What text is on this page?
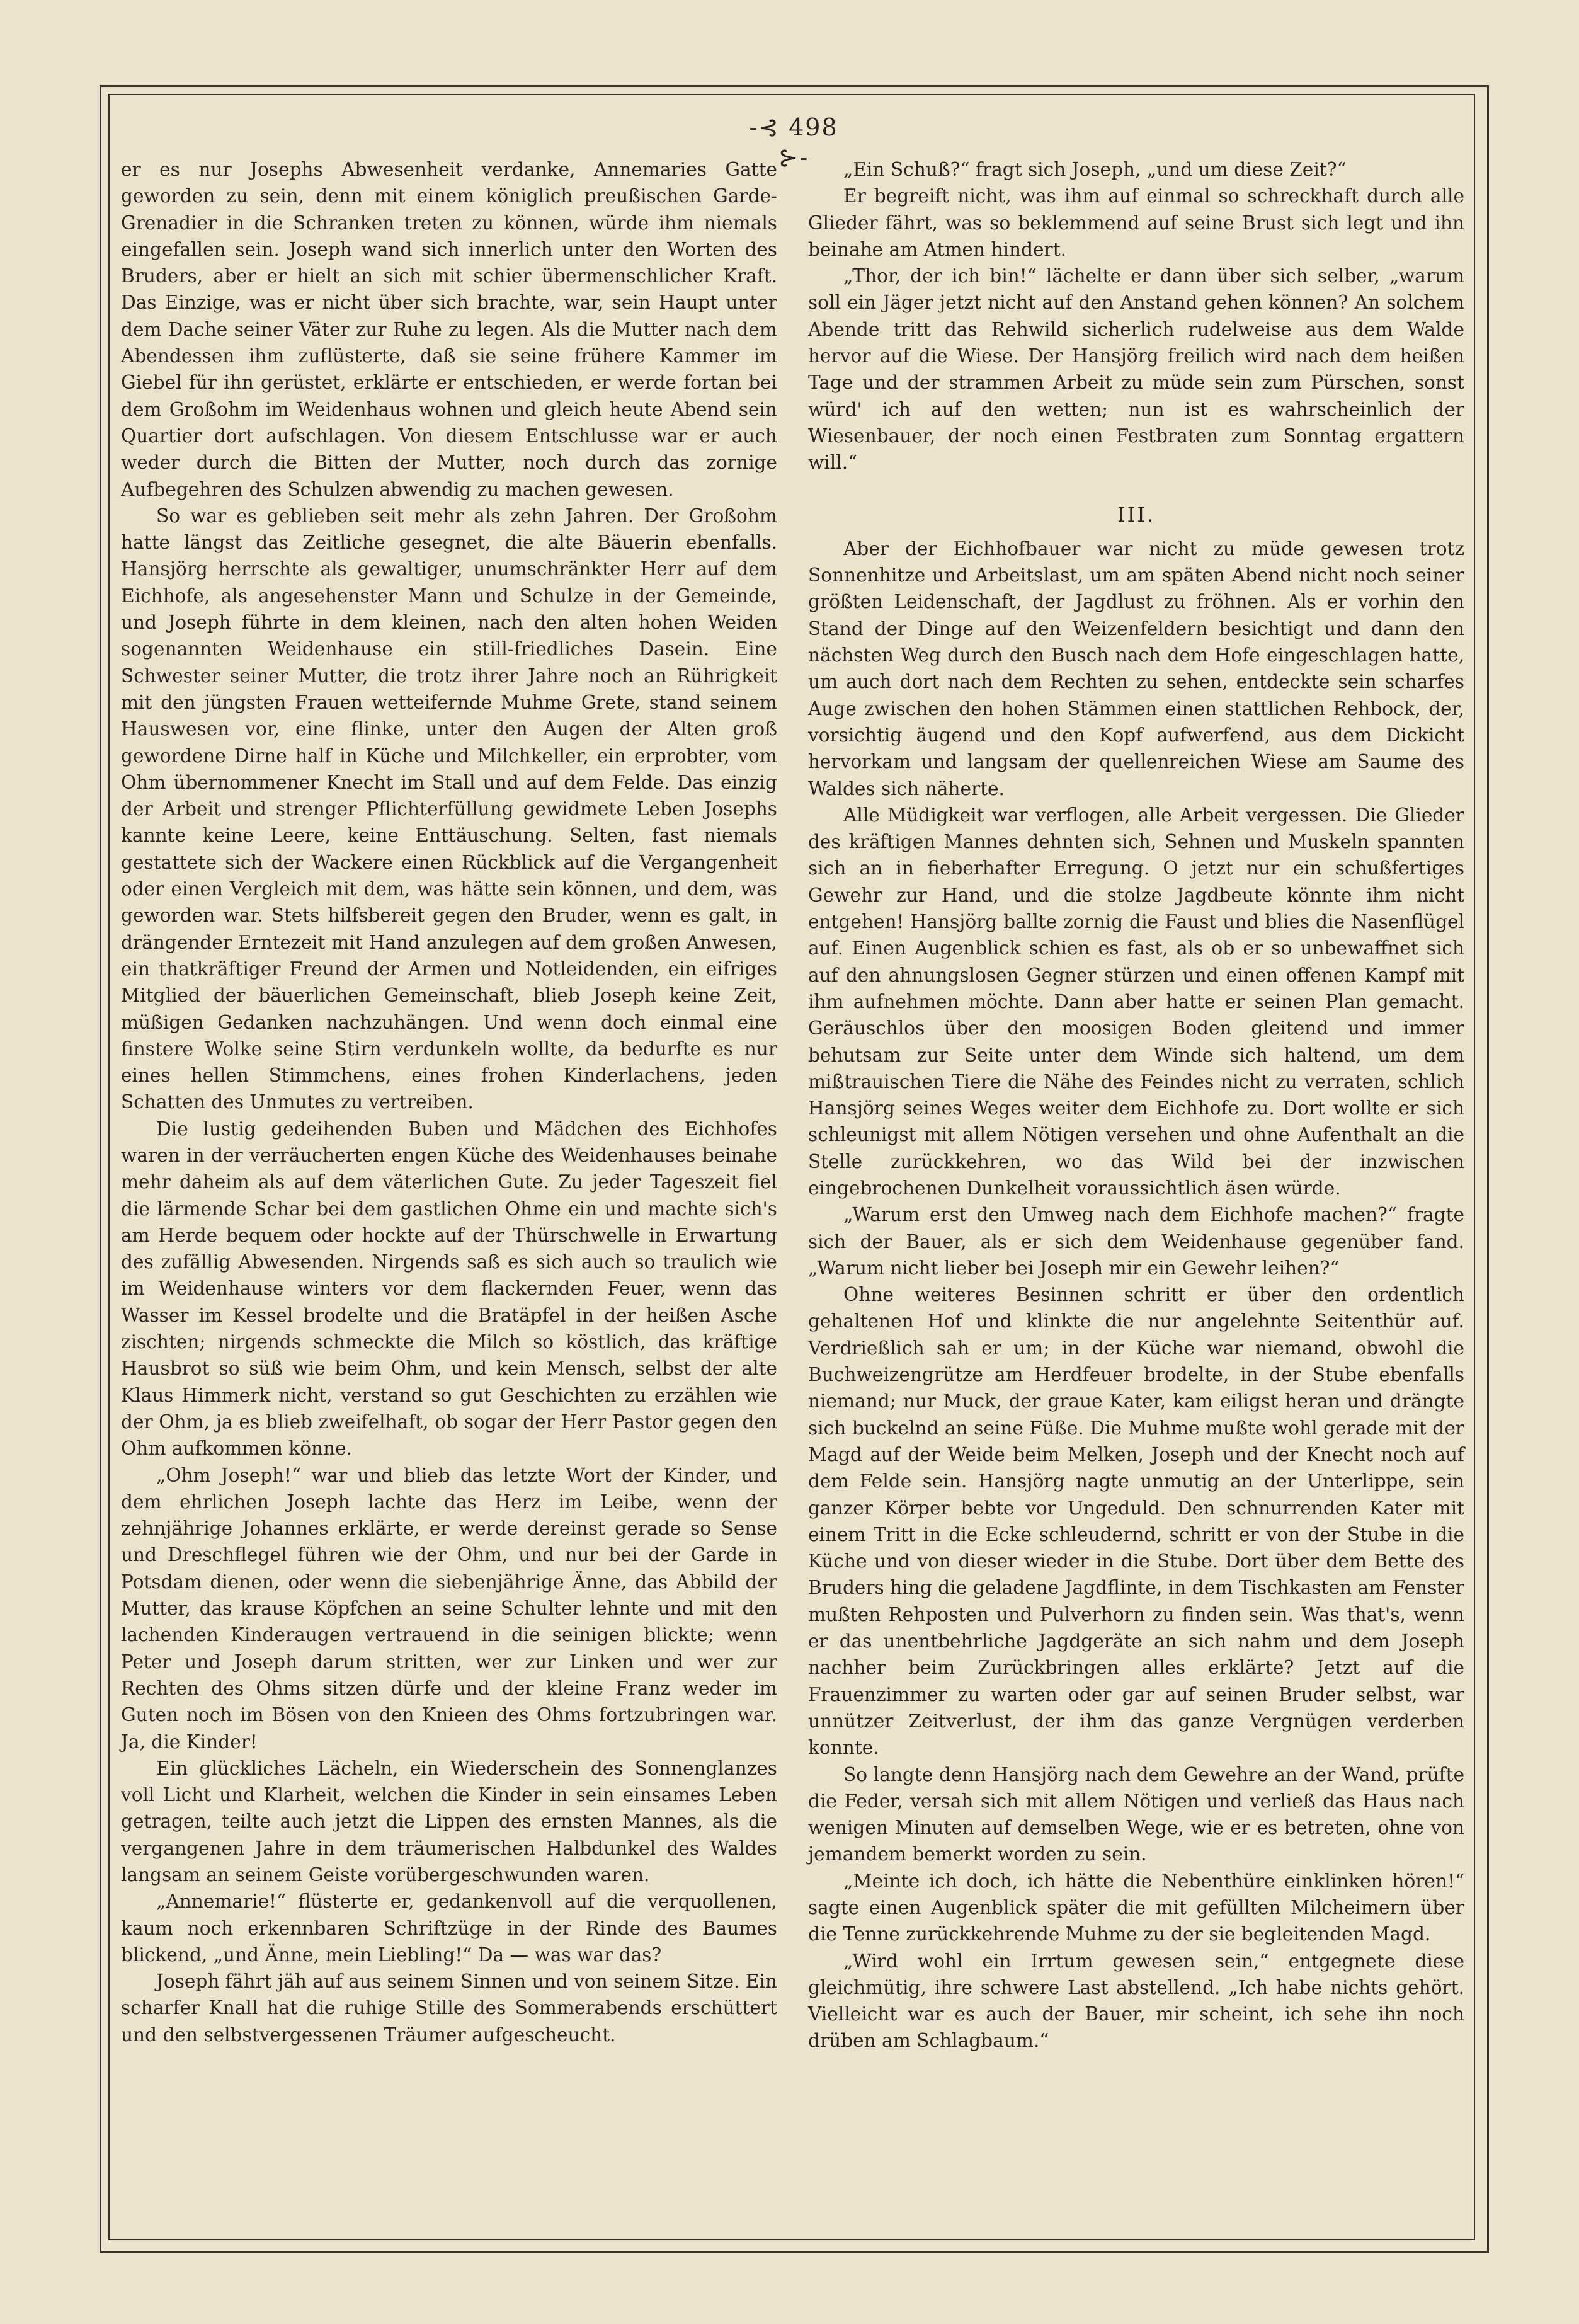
-⊰ 498 ⊱-

er es nur Josephs Abwesenheit verdanke, Annemaries Gatte geworden zu sein, denn mit einem königlich preußischen Garde-Grenadier in die Schranken treten zu können, würde ihm niemals eingefallen sein. Joseph wand sich innerlich unter den Worten des Bruders, aber er hielt an sich mit schier übermenschlicher Kraft. Das Einzige, was er nicht über sich brachte, war, sein Haupt unter dem Dache seiner Väter zur Ruhe zu legen. Als die Mutter nach dem Abendessen ihm zuflüsterte, daß sie seine frühere Kammer im Giebel für ihn gerüstet, erklärte er entschieden, er werde fortan bei dem Großohm im Weidenhaus wohnen und gleich heute Abend sein Quartier dort aufschlagen. Von diesem Entschlusse war er auch weder durch die Bitten der Mutter, noch durch das zornige Aufbegehren des Schulzen abwendig zu machen gewesen.

So war es geblieben seit mehr als zehn Jahren. Der Großohm hatte längst das Zeitliche gesegnet, die alte Bäuerin ebenfalls. Hansjörg herrschte als gewaltiger, unumschränkter Herr auf dem Eichhofe, als angesehenster Mann und Schulze in der Gemeinde, und Joseph führte in dem kleinen, nach den alten hohen Weiden sogenannten Weidenhause ein still-friedliches Dasein. Eine Schwester seiner Mutter, die trotz ihrer Jahre noch an Rührigkeit mit den jüngsten Frauen wetteifernde Muhme Grete, stand seinem Hauswesen vor, eine flinke, unter den Augen der Alten groß gewordene Dirne half in Küche und Milchkeller, ein erprobter, vom Ohm übernommener Knecht im Stall und auf dem Felde. Das einzig der Arbeit und strenger Pflichterfüllung gewidmete Leben Josephs kannte keine Leere, keine Enttäuschung. Selten, fast niemals gestattete sich der Wackere einen Rückblick auf die Vergangenheit oder einen Vergleich mit dem, was hätte sein können, und dem, was geworden war. Stets hilfsbereit gegen den Bruder, wenn es galt, in drängender Erntezeit mit Hand anzulegen auf dem großen Anwesen, ein thatkräftiger Freund der Armen und Notleidenden, ein eifriges Mitglied der bäuerlichen Gemeinschaft, blieb Joseph keine Zeit, müßigen Gedanken nachzuhängen. Und wenn doch einmal eine finstere Wolke seine Stirn verdunkeln wollte, da bedurfte es nur eines hellen Stimmchens, eines frohen Kinderlachens, jeden Schatten des Unmutes zu vertreiben.

Die lustig gedeihenden Buben und Mädchen des Eichhofes waren in der verräucherten engen Küche des Weidenhauses beinahe mehr daheim als auf dem väterlichen Gute. Zu jeder Tageszeit fiel die lärmende Schar bei dem gastlichen Ohme ein und machte sich's am Herde bequem oder hockte auf der Thürschwelle in Erwartung des zufällig Abwesenden. Nirgends saß es sich auch so traulich wie im Weidenhause winters vor dem flackernden Feuer, wenn das Wasser im Kessel brodelte und die Bratäpfel in der heißen Asche zischten; nirgends schmeckte die Milch so köstlich, das kräftige Hausbrot so süß wie beim Ohm, und kein Mensch, selbst der alte Klaus Himmerk nicht, verstand so gut Geschichten zu erzählen wie der Ohm, ja es blieb zweifelhaft, ob sogar der Herr Pastor gegen den Ohm aufkommen könne.

„Ohm Joseph!“ war und blieb das letzte Wort der Kinder, und dem ehrlichen Joseph lachte das Herz im Leibe, wenn der zehnjährige Johannes erklärte, er werde dereinst gerade so Sense und Dreschflegel führen wie der Ohm, und nur bei der Garde in Potsdam dienen, oder wenn die siebenjährige Änne, das Abbild der Mutter, das krause Köpfchen an seine Schulter lehnte und mit den lachenden Kinderaugen vertrauend in die seinigen blickte; wenn Peter und Joseph darum stritten, wer zur Linken und wer zur Rechten des Ohms sitzen dürfe und der kleine Franz weder im Guten noch im Bösen von den Knieen des Ohms fortzubringen war. Ja, die Kinder!

Ein glückliches Lächeln, ein Wiederschein des Sonnenglanzes voll Licht und Klarheit, welchen die Kinder in sein einsames Leben getragen, teilte auch jetzt die Lippen des ernsten Mannes, als die vergangenen Jahre in dem träumerischen Halbdunkel des Waldes langsam an seinem Geiste vorübergeschwunden waren.

„Annemarie!“ flüsterte er, gedankenvoll auf die verquollenen, kaum noch erkennbaren Schriftzüge in der Rinde des Baumes blickend, „und Änne, mein Liebling!“ Da — was war das?

Joseph fährt jäh auf aus seinem Sinnen und von seinem Sitze. Ein scharfer Knall hat die ruhige Stille des Sommerabends erschüttert und den selbstvergessenen Träumer aufgescheucht.

„Ein Schuß?“ fragt sich Joseph, „und um diese Zeit?“

Er begreift nicht, was ihm auf einmal so schreckhaft durch alle Glieder fährt, was so beklemmend auf seine Brust sich legt und ihn beinahe am Atmen hindert.

„Thor, der ich bin!“ lächelte er dann über sich selber, „warum soll ein Jäger jetzt nicht auf den Anstand gehen können? An solchem Abende tritt das Rehwild sicherlich rudelweise aus dem Walde hervor auf die Wiese. Der Hansjörg freilich wird nach dem heißen Tage und der strammen Arbeit zu müde sein zum Pürschen, sonst würd' ich auf den wetten; nun ist es wahrscheinlich der Wiesenbauer, der noch einen Festbraten zum Sonntag ergattern will.“

III.

Aber der Eichhofbauer war nicht zu müde gewesen trotz Sonnenhitze und Arbeitslast, um am späten Abend nicht noch seiner größten Leidenschaft, der Jagdlust zu fröhnen. Als er vorhin den Stand der Dinge auf den Weizenfeldern besichtigt und dann den nächsten Weg durch den Busch nach dem Hofe eingeschlagen hatte, um auch dort nach dem Rechten zu sehen, entdeckte sein scharfes Auge zwischen den hohen Stämmen einen stattlichen Rehbock, der, vorsichtig äugend und den Kopf aufwerfend, aus dem Dickicht hervorkam und langsam der quellenreichen Wiese am Saume des Waldes sich näherte.

Alle Müdigkeit war verflogen, alle Arbeit vergessen. Die Glieder des kräftigen Mannes dehnten sich, Sehnen und Muskeln spannten sich an in fieberhafter Erregung. O jetzt nur ein schußfertiges Gewehr zur Hand, und die stolze Jagdbeute könnte ihm nicht entgehen! Hansjörg ballte zornig die Faust und blies die Nasenflügel auf. Einen Augenblick schien es fast, als ob er so unbewaffnet sich auf den ahnungslosen Gegner stürzen und einen offenen Kampf mit ihm aufnehmen möchte. Dann aber hatte er seinen Plan gemacht. Geräuschlos über den moosigen Boden gleitend und immer behutsam zur Seite unter dem Winde sich haltend, um dem mißtrauischen Tiere die Nähe des Feindes nicht zu verraten, schlich Hansjörg seines Weges weiter dem Eichhofe zu. Dort wollte er sich schleunigst mit allem Nötigen versehen und ohne Aufenthalt an die Stelle zurückkehren, wo das Wild bei der inzwischen eingebrochenen Dunkelheit voraussichtlich äsen würde.

„Warum erst den Umweg nach dem Eichhofe machen?“ fragte sich der Bauer, als er sich dem Weidenhause gegenüber fand. „Warum nicht lieber bei Joseph mir ein Gewehr leihen?“

Ohne weiteres Besinnen schritt er über den ordentlich gehaltenen Hof und klinkte die nur angelehnte Seitenthür auf. Verdrießlich sah er um; in der Küche war niemand, obwohl die Buchweizengrütze am Herdfeuer brodelte, in der Stube ebenfalls niemand; nur Muck, der graue Kater, kam eiligst heran und drängte sich buckelnd an seine Füße. Die Muhme mußte wohl gerade mit der Magd auf der Weide beim Melken, Joseph und der Knecht noch auf dem Felde sein. Hansjörg nagte unmutig an der Unterlippe, sein ganzer Körper bebte vor Ungeduld. Den schnurrenden Kater mit einem Tritt in die Ecke schleudernd, schritt er von der Stube in die Küche und von dieser wieder in die Stube. Dort über dem Bette des Bruders hing die geladene Jagdflinte, in dem Tischkasten am Fenster mußten Rehposten und Pulverhorn zu finden sein. Was that's, wenn er das unentbehrliche Jagdgeräte an sich nahm und dem Joseph nachher beim Zurückbringen alles erklärte? Jetzt auf die Frauenzimmer zu warten oder gar auf seinen Bruder selbst, war unnützer Zeitverlust, der ihm das ganze Vergnügen verderben konnte.

So langte denn Hansjörg nach dem Gewehre an der Wand, prüfte die Feder, versah sich mit allem Nötigen und verließ das Haus nach wenigen Minuten auf demselben Wege, wie er es betreten, ohne von jemandem bemerkt worden zu sein.

„Meinte ich doch, ich hätte die Nebenthüre einklinken hören!“ sagte einen Augenblick später die mit gefüllten Milcheimern über die Tenne zurückkehrende Muhme zu der sie begleitenden Magd.

„Wird wohl ein Irrtum gewesen sein,“ entgegnete diese gleichmütig, ihre schwere Last abstellend. „Ich habe nichts gehört. Vielleicht war es auch der Bauer, mir scheint, ich sehe ihn noch drüben am Schlagbaum.“
